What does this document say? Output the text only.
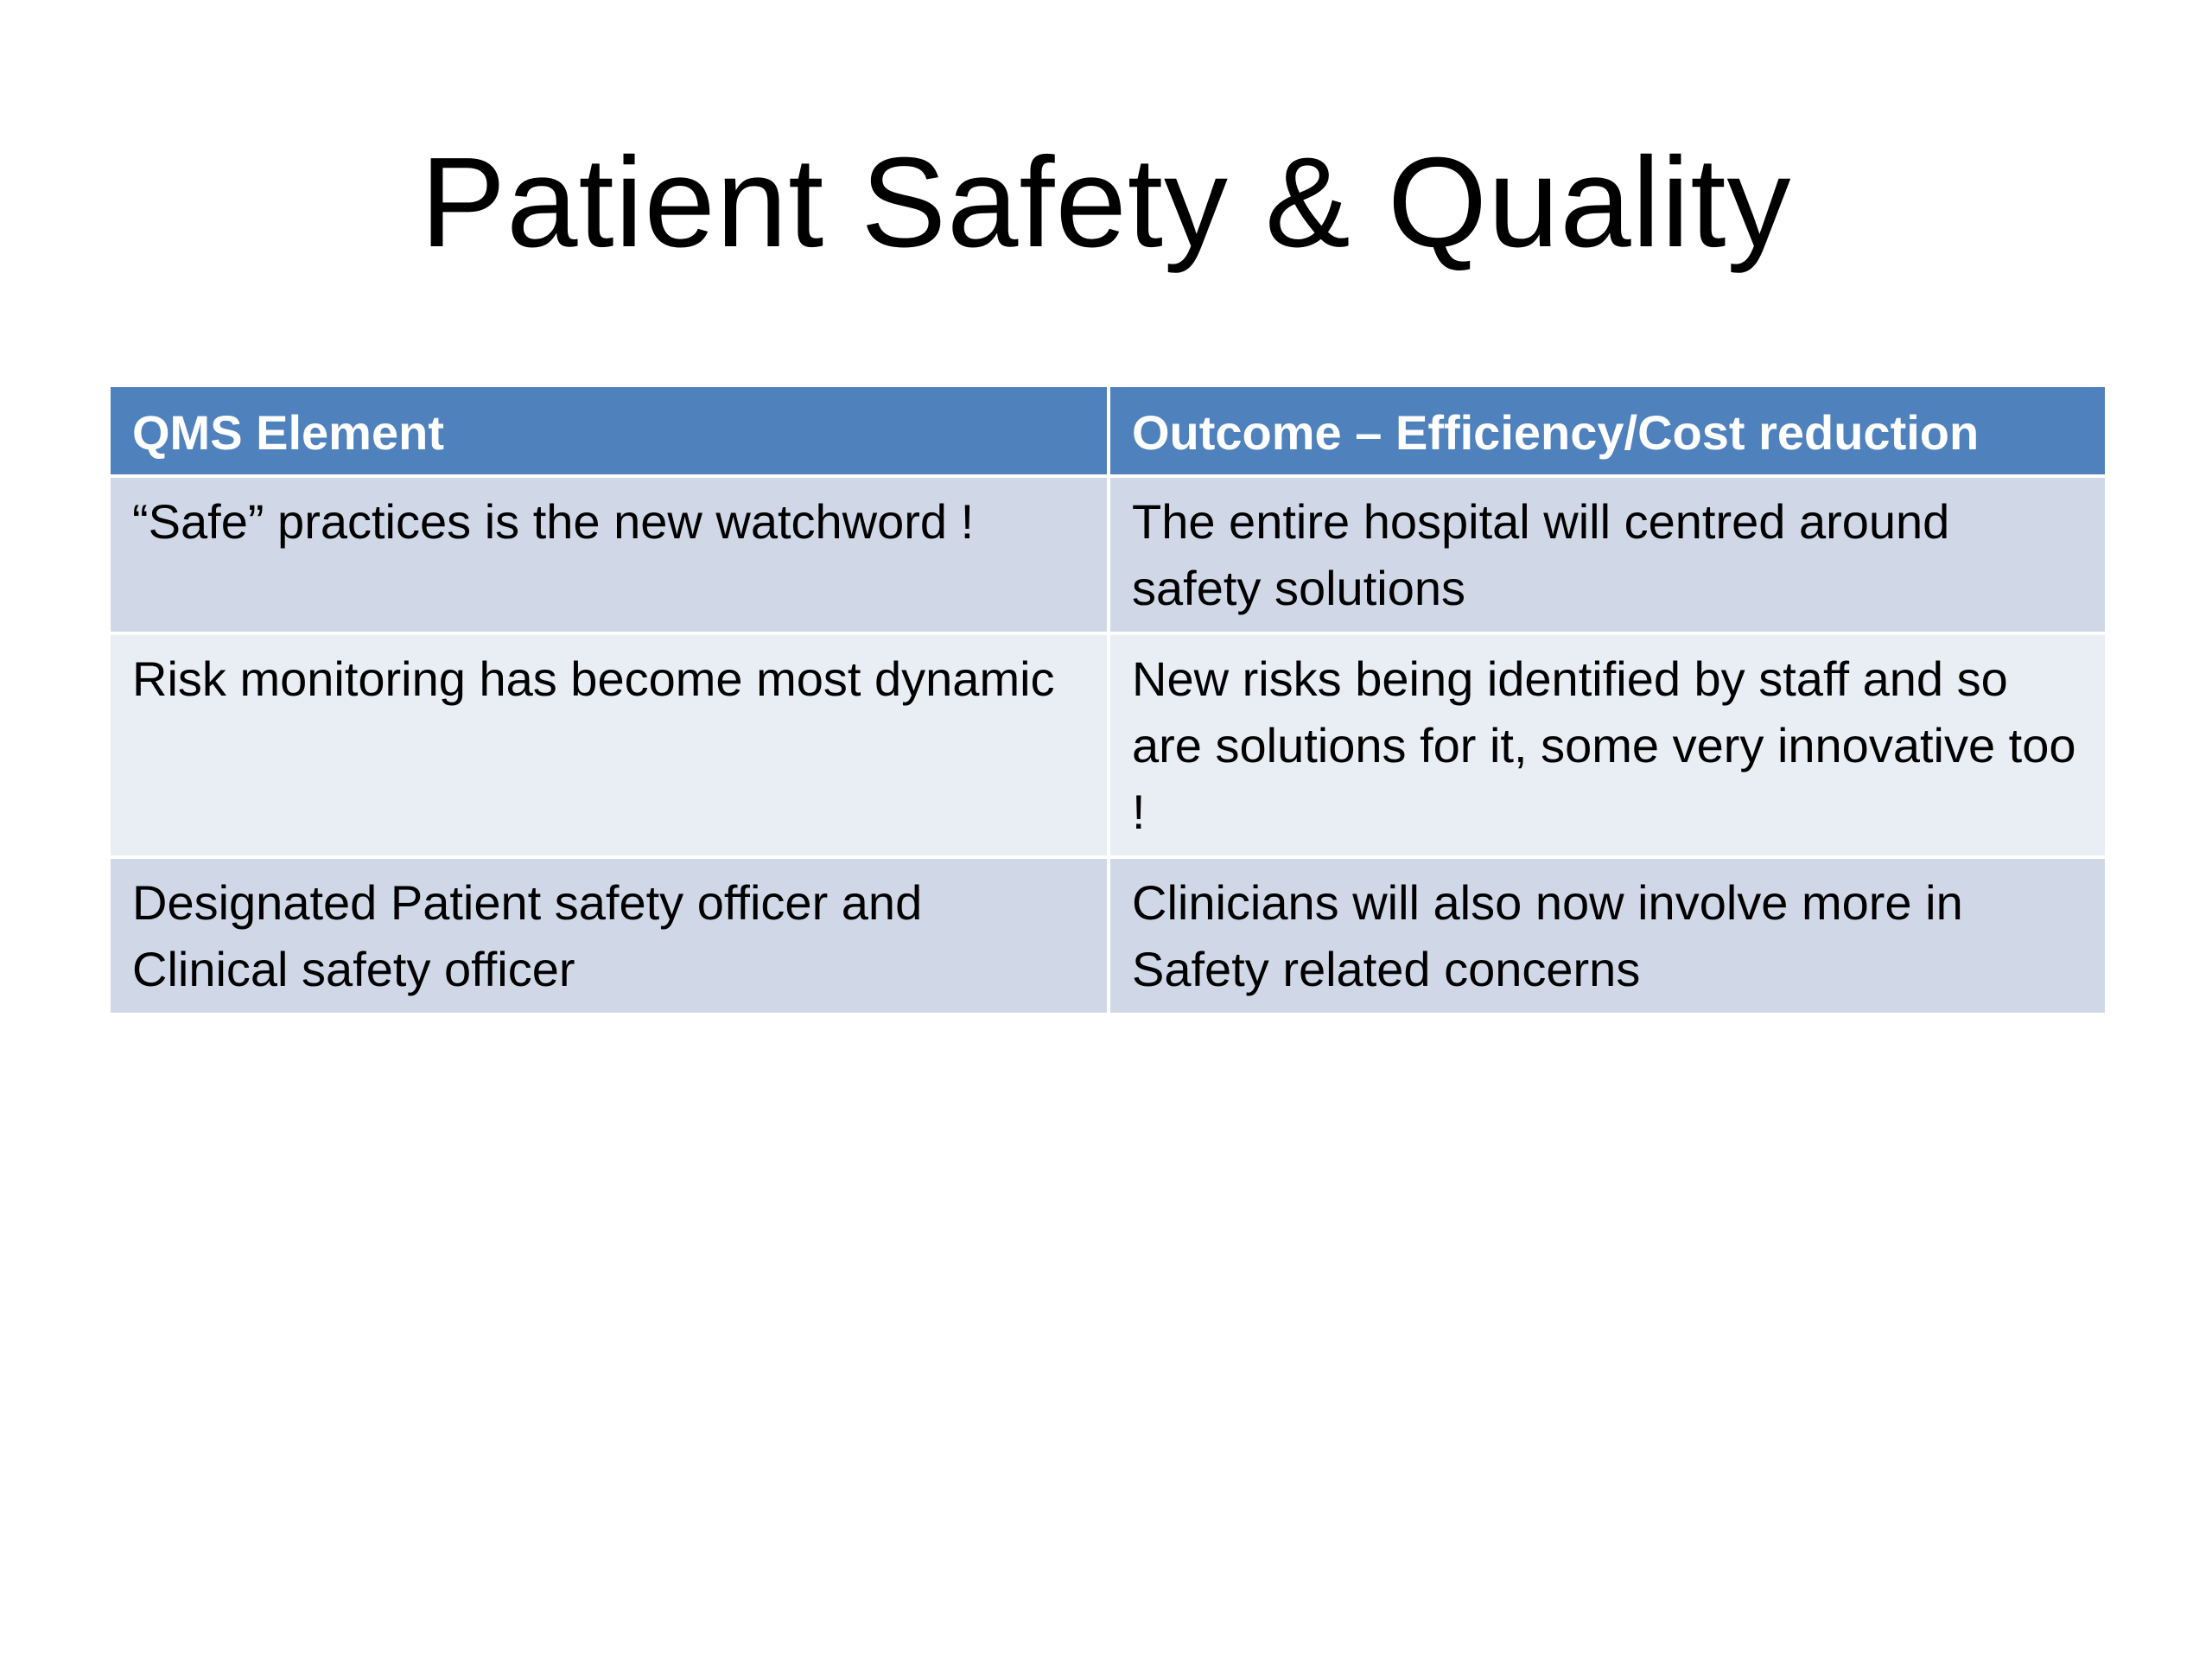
Patient Safety & Quality
QMS Element	Outcome – Efficiency/Cost reduction
“Safe” practices is the new watchword !	The entire hospital will centred around safety solutions
Risk monitoring has become most dynamic	New risks being identified by staff and so are solutions for it, some very innovative too !
Designated Patient safety officer and Clinical safety officer	Clinicians will also now involve more in Safety related concerns
